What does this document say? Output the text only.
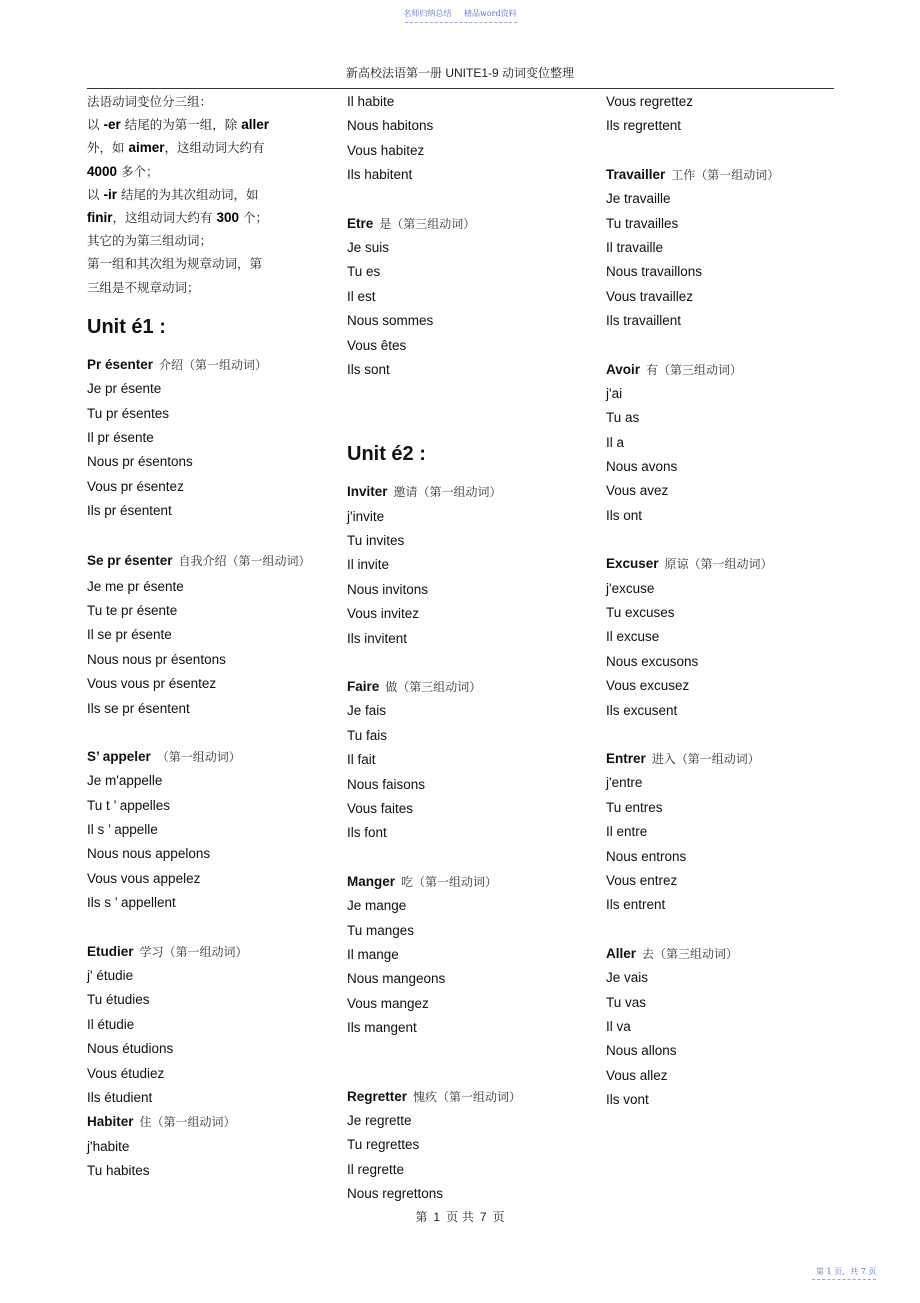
名师归纳总结 精品word资料
新高校法语第一册 UNITE1-9 动词变位整理
法语动词变位分三组：
以 -er 结尾的为第一组，除 aller
外，如 aimer，这组动词大约有
4000 多个；
以 -ir 结尾的为其次组动词，如
finir，这组动词大约有 300 个；
其它的为第三组动词；
第一组和其次组为规章动词，第
三组是不规章动词；
Unit é1 :
Pr ésenter 介绍（第一组动词）
Je pr ésente
Tu pr ésentes
Il pr ésente
Nous pr ésentons
Vous pr ésentez
Ils pr ésentent
Se pr ésenter 自我介绍（第一组动词）
Je me pr ésente
Tu te pr ésente
Il se pr ésente
Nous nous pr ésentons
Vous vous pr ésentez
Ils se pr ésentent
S’ appeler （第一组动词）
Je m'appelle
Tu t ’ appelles
Il s ’ appelle
Nous nous appelons
Vous vous appelez
Ils s ’ appellent
Etudier 学习（第一组动词）
j' étudie
Tu étudies
Il étudie
Nous étudions
Vous étudiez
Ils étudient
Habiter 住（第一组动词）
j'habite
Tu habites
Il habite
Nous habitons
Vous habitez
Ils habitent
Etre 是（第三组动词）
Je suis
Tu es
Il est
Nous sommes
Vous êtes
Ils sont
Unit é2 :
Inviter 邀请（第一组动词）
j'invite
Tu invites
Il invite
Nous invitons
Vous invitez
Ils invitent
Faire 做（第三组动词）
Je fais
Tu fais
Il fait
Nous faisons
Vous faites
Ils font
Manger 吃（第一组动词）
Je mange
Tu manges
Il mange
Nous mangeons
Vous mangez
Ils mangent
Regretter 愧疚（第一组动词）
Je regrette
Tu regrettes
Il regrette
Nous regrettons
Vous regrettez
Ils regrettent
Travailler 工作（第一组动词）
Je travaille
Tu travailles
Il travaille
Nous travaillons
Vous travaillez
Ils travaillent
Avoir 有（第三组动词）
j'ai
Tu as
Il a
Nous avons
Vous avez
Ils ont
Excuser 原谅（第一组动词）
j'excuse
Tu excuses
Il excuse
Nous excusons
Vous excusez
Ils excusent
Entrer 进入（第一组动词）
j'entre
Tu entres
Il entre
Nous entrons
Vous entrez
Ils entrent
Aller 去（第三组动词）
Je vais
Tu vas
Il va
Nous allons
Vous allez
Ils vont
第 1 页 共 7 页
第 1 页，共 7 页
